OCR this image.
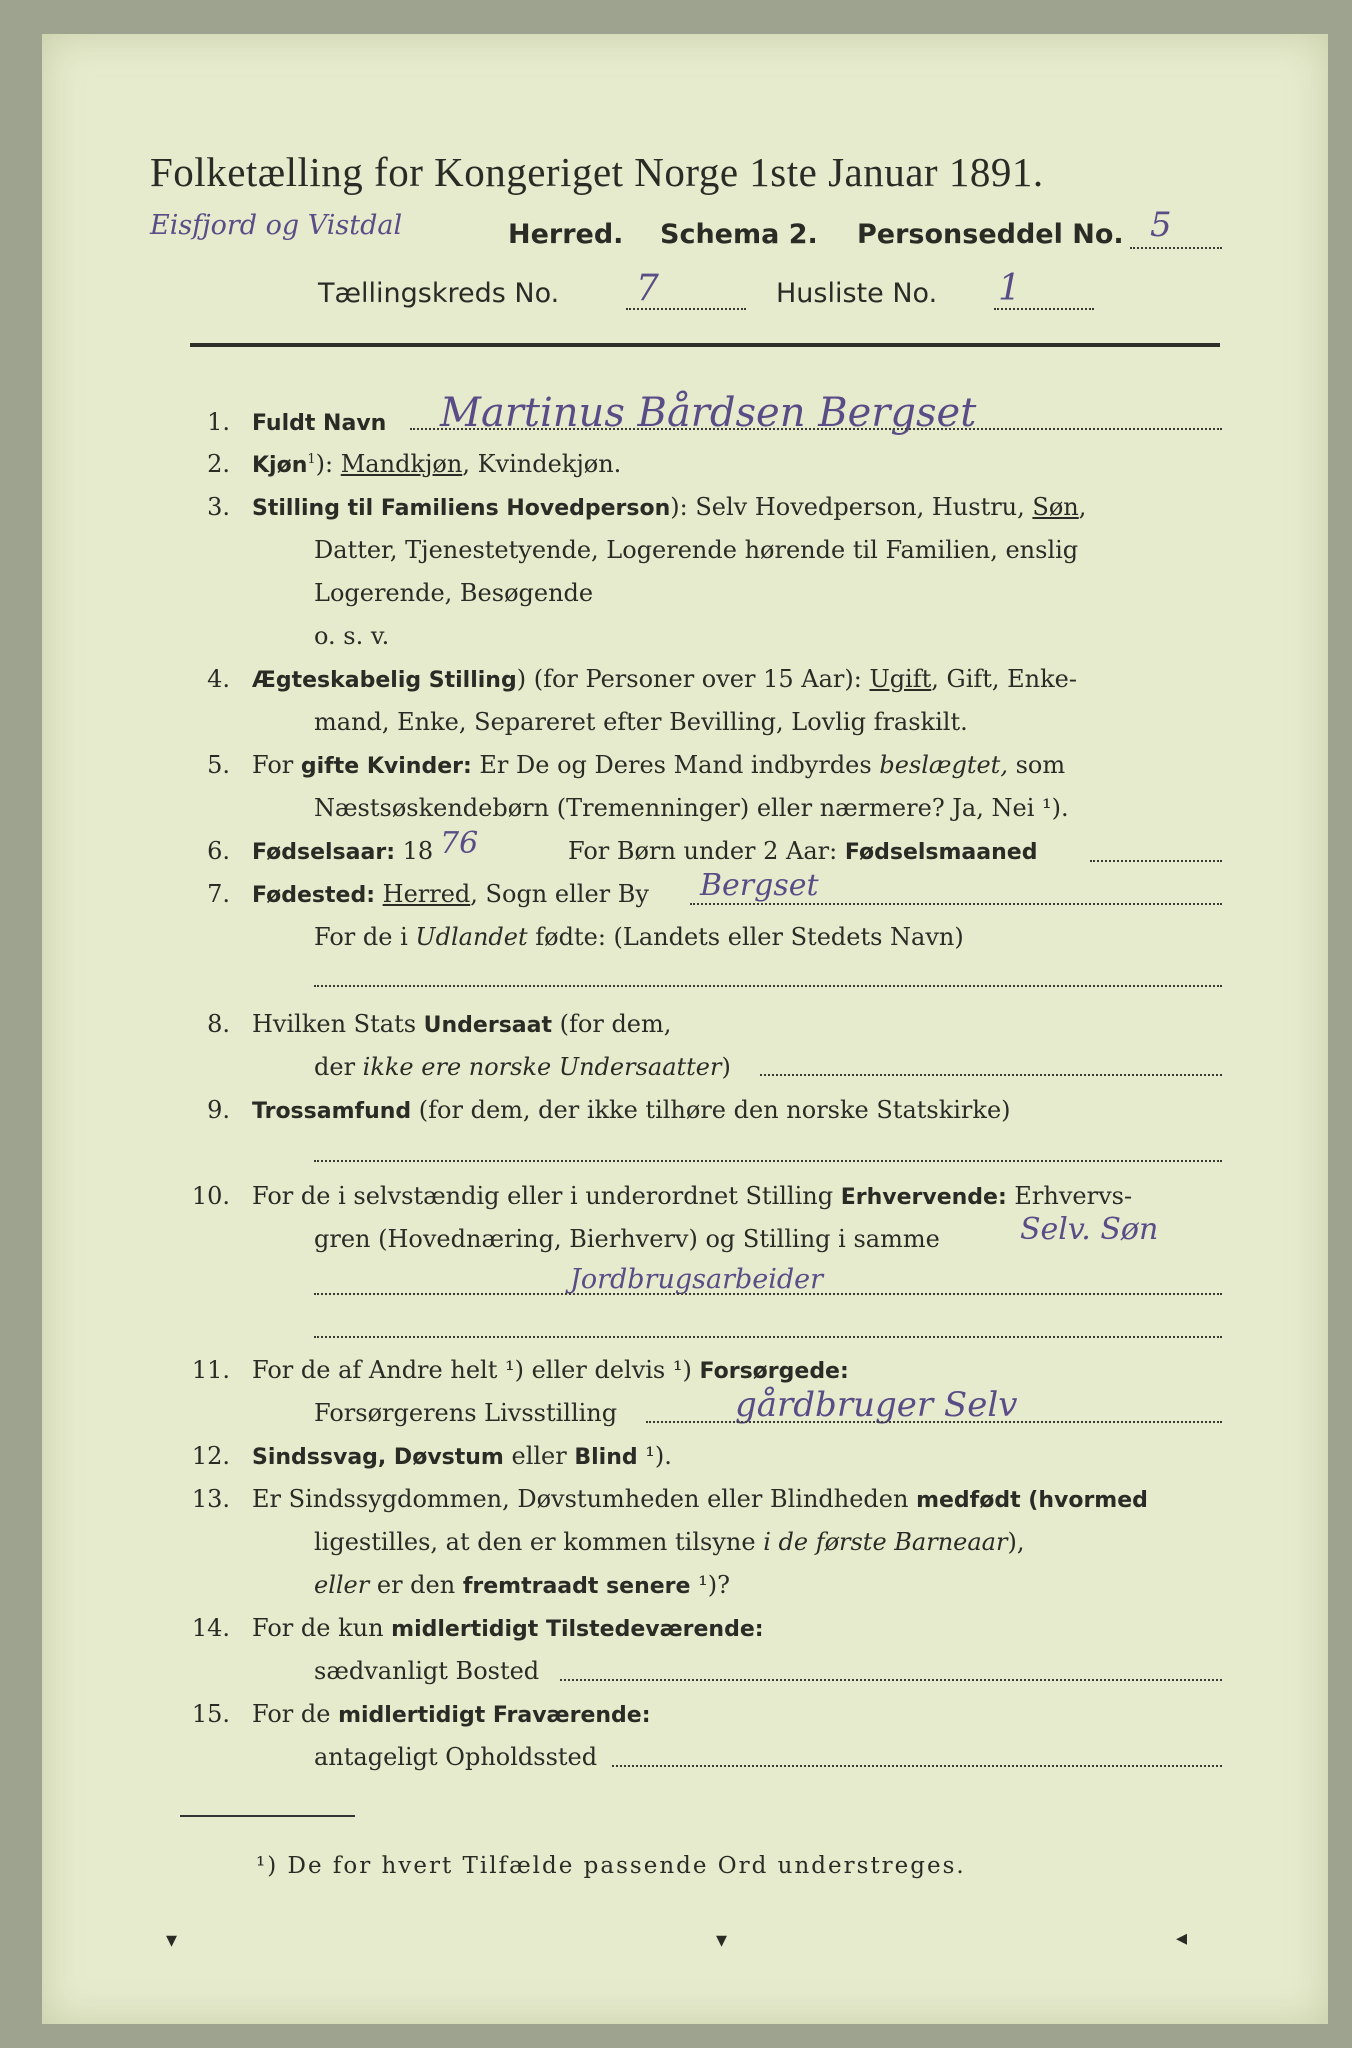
Folketælling for Kongeriget Norge 1ste Januar 1891.
Eisfjord og Vistdal	Herred. Schema 2. Personseddel No. 5
Tællingskreds No. 7	Husliste No. 1
1. Fuldt Navn Martinus Bårdsen Bergset
2. Kjøn$^1$): Mandkjøn, Kvindekjøn.
3. Stilling til Familiens Hovedperson): Selv Hovedperson, Hustru, Søn,
Datter, Tjenestetyende, Logerende hørende til Familien, enslig
Logerende, Besøgende
o. s. v.
4. Ægteskabelig Stilling) (for Personer over 15 Aar): Ugift, Gift, Enke-
mand, Enke, Separeret efter Bevilling, Lovlig fraskilt.
5. For gifte Kvinder: Er De og Deres Mand indbyrdes beslægtet, som
Næstsøskendebørn (Tremenninger) eller nærmere? Ja, Nei ¹).
6. Fødselsaar: 18 76	For Børn under 2 Aar: Fødselsmaaned
7. Fødested: Herred, Sogn eller By Bergset
For de i Udlandet fødte: (Landets eller Stedets Navn)
8. Hvilken Stats Undersaat (for dem,
der ikke ere norske Undersaatter)
9. Trossamfund (for dem, der ikke tilhøre den norske Statskirke)
10. For de i selvstændig eller i underordnet Stilling Erhvervende: Erhvervs-
gren (Hovednæring, Bierhverv) og Stilling i samme	Selv. Søn
Jordbrugsarbeider
11. For de af Andre helt ¹) eller delvis ¹) Forsørgede:
Forsørgerens Livsstilling	gårdbruger Selv
12. Sindssvag, Døvstum eller Blind ¹).
13. Er Sindssygdommen, Døvstumheden eller Blindheden medfødt (hvormed
ligestilles, at den er kommen tilsyne i de første Barneaar),
eller er den fremtraadt senere ¹)?
14. For de kun midlertidigt Tilstedeværende:
sædvanligt Bosted
15. For de midlertidigt Fraværende:
antageligt Opholdssted
¹) De for hvert Tilfælde passende Ord understreges.
▾	▾	◂
